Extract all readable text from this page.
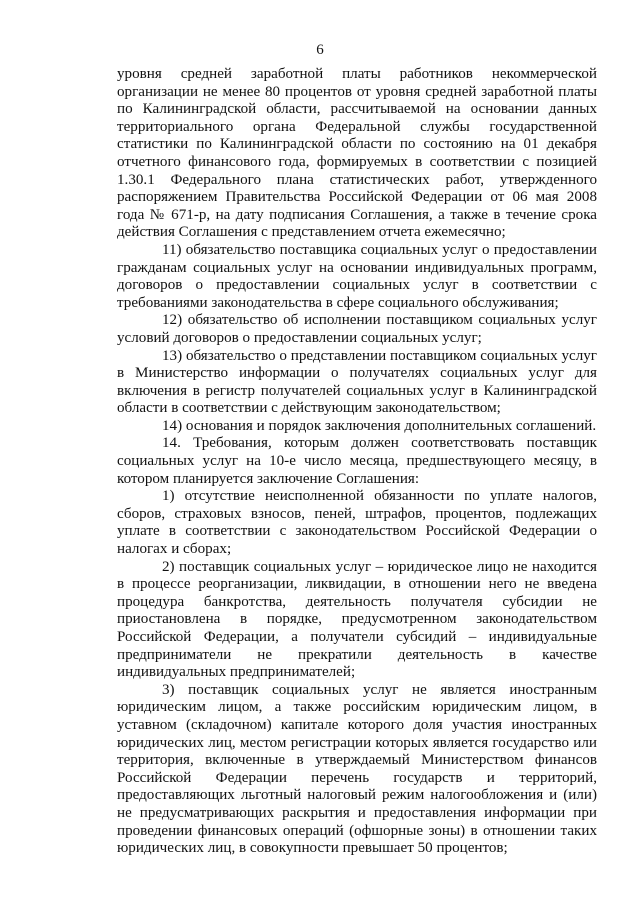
6

уровня средней заработной платы работников некоммерческой организации не менее 80 процентов от уровня средней заработной платы по Калининградской области, рассчитываемой на основании данных территориального органа Федеральной службы государственной статистики по Калининградской области по состоянию на 01 декабря отчетного финансового года, формируемых в соответствии с позицией 1.30.1 Федерального плана статистических работ, утвержденного распоряжением Правительства Российской Федерации от 06 мая 2008 года № 671-р, на дату подписания Соглашения, а также в течение срока действия Соглашения с представлением отчета ежемесячно;

11) обязательство поставщика социальных услуг о предоставлении гражданам социальных услуг на основании индивидуальных программ, договоров о предоставлении социальных услуг в соответствии с требованиями законодательства в сфере социального обслуживания;

12) обязательство об исполнении поставщиком социальных услуг условий договоров о предоставлении социальных услуг;

13) обязательство о представлении поставщиком социальных услуг в Министерство информации о получателях социальных услуг для включения в регистр получателей социальных услуг в Калининградской области в соответствии с действующим законодательством;

14) основания и порядок заключения дополнительных соглашений.

14. Требования, которым должен соответствовать поставщик социальных услуг на 10-е число месяца, предшествующего месяцу, в котором планируется заключение Соглашения:

1) отсутствие неисполненной обязанности по уплате налогов, сборов, страховых взносов, пеней, штрафов, процентов, подлежащих уплате в соответствии с законодательством Российской Федерации о налогах и сборах;

2) поставщик социальных услуг – юридическое лицо не находится в процессе реорганизации, ликвидации, в отношении него не введена процедура банкротства, деятельность получателя субсидии не приостановлена в порядке, предусмотренном законодательством Российской Федерации, а получатели субсидий – индивидуальные предприниматели не прекратили деятельность в качестве индивидуальных предпринимателей;

3) поставщик социальных услуг не является иностранным юридическим лицом, а также российским юридическим лицом, в уставном (складочном) капитале которого доля участия иностранных юридических лиц, местом регистрации которых является государство или территория, включенные в утверждаемый Министерством финансов Российской Федерации перечень государств и территорий, предоставляющих льготный налоговый режим налогообложения и (или) не предусматривающих раскрытия и предоставления информации при проведении финансовых операций (офшорные зоны) в отношении таких юридических лиц, в совокупности превышает 50 процентов;
